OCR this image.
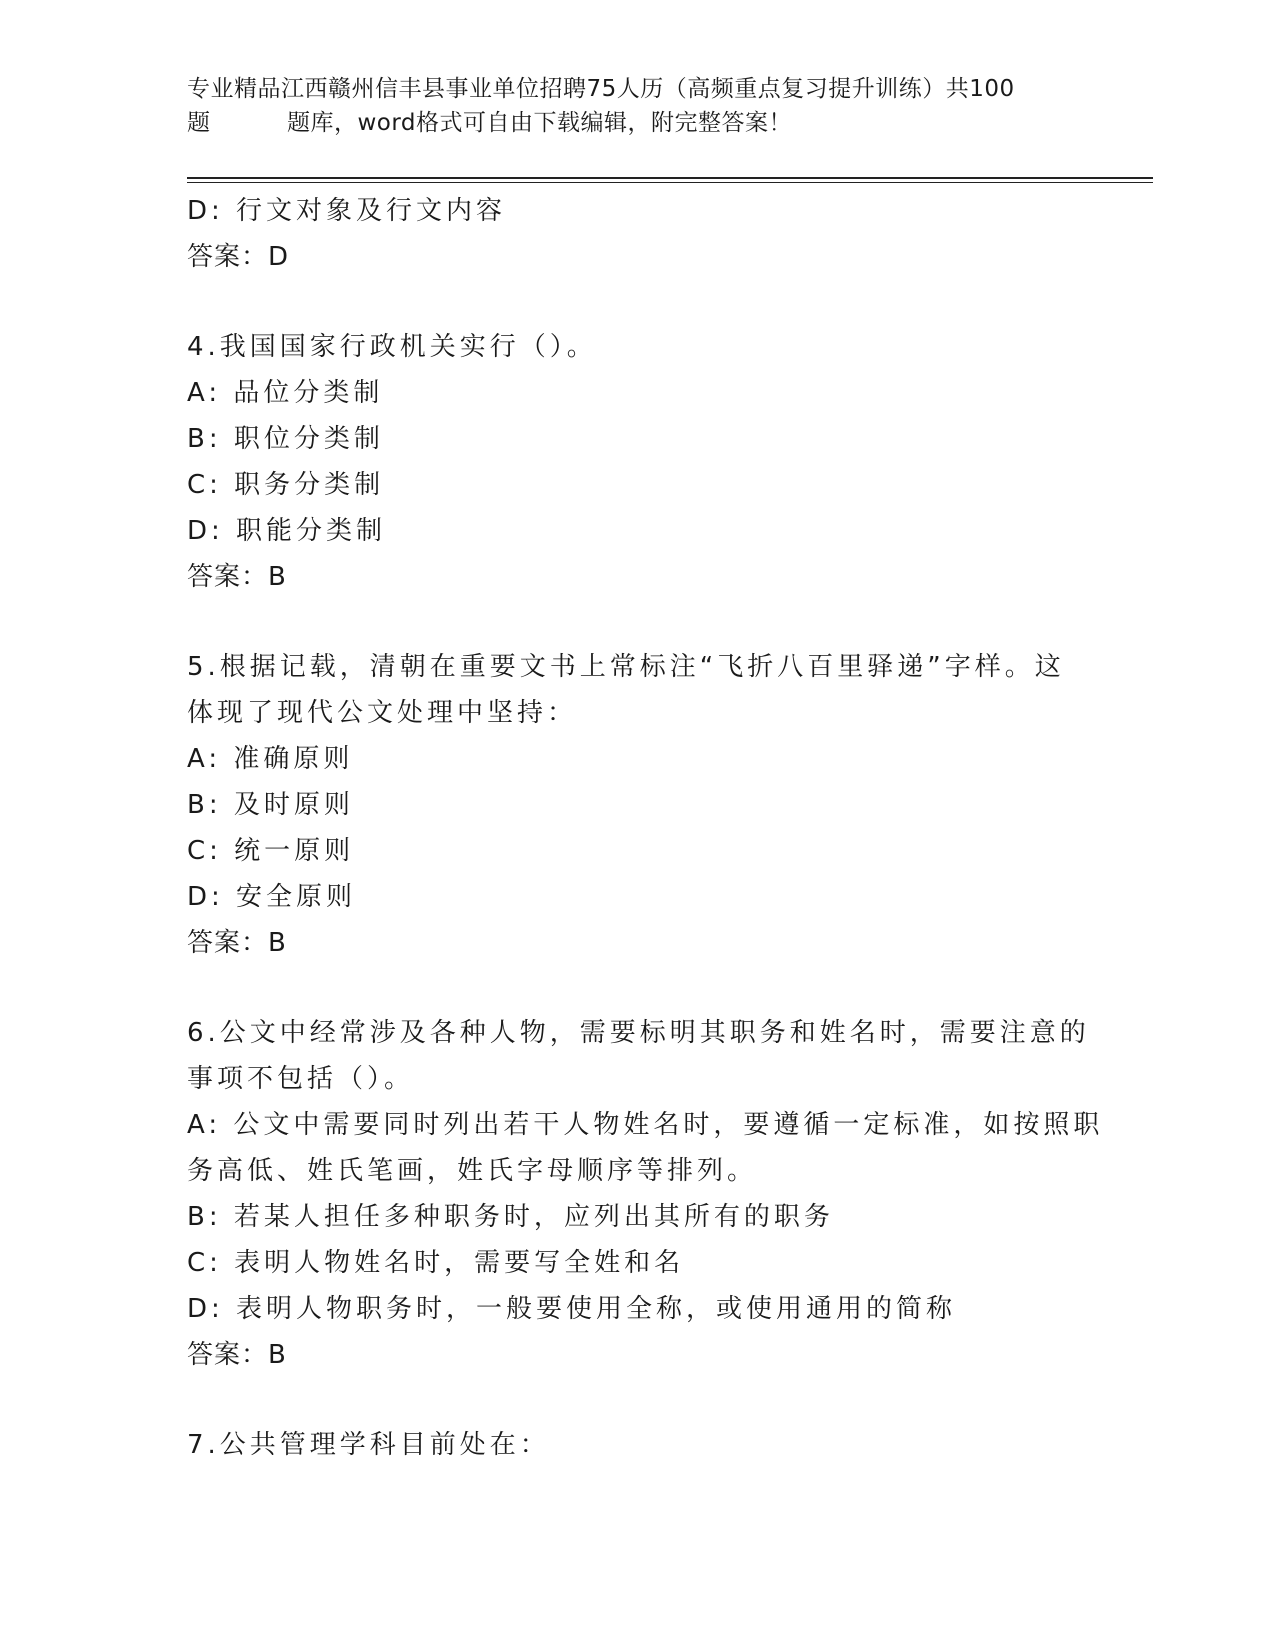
专业精品江西赣州信丰县事业单位招聘75人历（高频重点复习提升训练）共100
题	题库，word格式可自由下载编辑，附完整答案！
D: 行文对象及行文内容
答案：D
4.我国国家行政机关实行（）。
A: 品位分类制
B: 职位分类制
C: 职务分类制
D: 职能分类制
答案：B
5.根据记载，清朝在重要文书上常标注“飞折八百里驿递”字样。这
体现了现代公文处理中坚持：
A: 准确原则
B: 及时原则
C: 统一原则
D: 安全原则
答案：B
6.公文中经常涉及各种人物，需要标明其职务和姓名时，需要注意的
事项不包括（）。
A: 公文中需要同时列出若干人物姓名时，要遵循一定标准，如按照职
务高低、姓氏笔画，姓氏字母顺序等排列。
B: 若某人担任多种职务时，应列出其所有的职务
C: 表明人物姓名时，需要写全姓和名
D: 表明人物职务时，一般要使用全称，或使用通用的简称
答案：B
7.公共管理学科目前处在：
